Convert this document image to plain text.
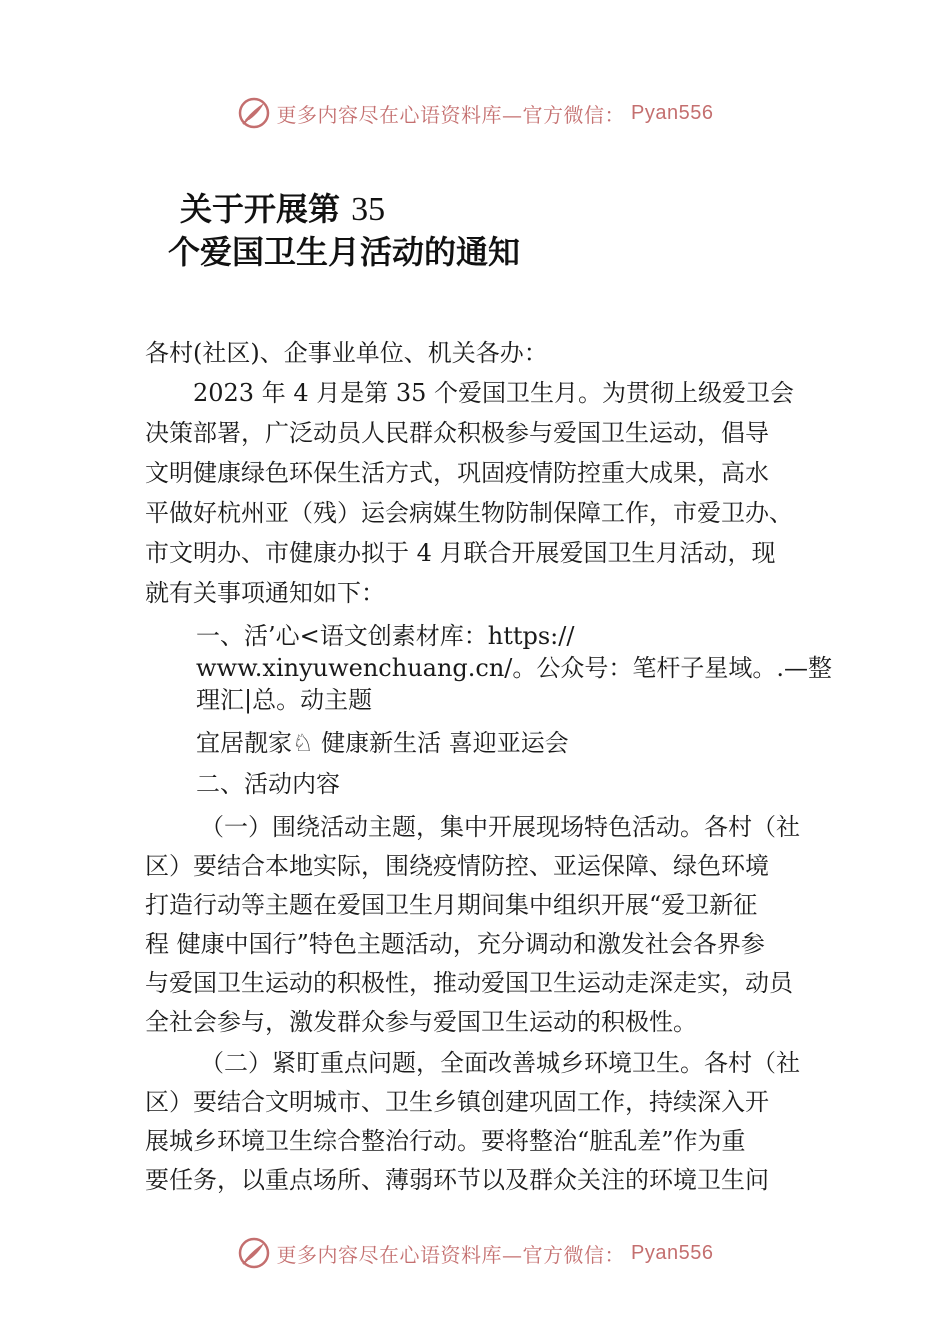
更多内容尽在心语资料库—官方微信： Pyan556
关于开展第 35
个爱国卫生月活动的通知
各村(社区)、企事业单位、机关各办：
　　2023 年 4 月是第 35 个爱国卫生月。为贯彻上级爱卫会
决策部署，广泛动员人民群众积极参与爱国卫生运动，倡导
文明健康绿色环保生活方式，巩固疫情防控重大成果，高水
平做好杭州亚（残）运会病媒生物防制保障工作，市爱卫办、
市文明办、市健康办拟于 4 月联合开展爱国卫生月活动，现
就有关事项通知如下：
一、活’心<语文创素材库：https://
www.xinyuwenchuang.cn/。公众号：笔杆子星域。.—整
理汇|总。动主题
宜居靓家♘ 健康新生活 喜迎亚运会
二、活动内容
（一）围绕活动主题，集中开展现场特色活动。各村（社
区）要结合本地实际，围绕疫情防控、亚运保障、绿色环境
打造行动等主题在爱国卫生月期间集中组织开展“爱卫新征
程 健康中国行”特色主题活动，充分调动和激发社会各界参
与爱国卫生运动的积极性，推动爱国卫生运动走深走实，动员
全社会参与，激发群众参与爱国卫生运动的积极性。
（二）紧盯重点问题，全面改善城乡环境卫生。各村（社
区）要结合文明城市、卫生乡镇创建巩固工作，持续深入开
展城乡环境卫生综合整治行动。要将整治“脏乱差”作为重
要任务，以重点场所、薄弱环节以及群众关注的环境卫生问
更多内容尽在心语资料库—官方微信： Pyan556
